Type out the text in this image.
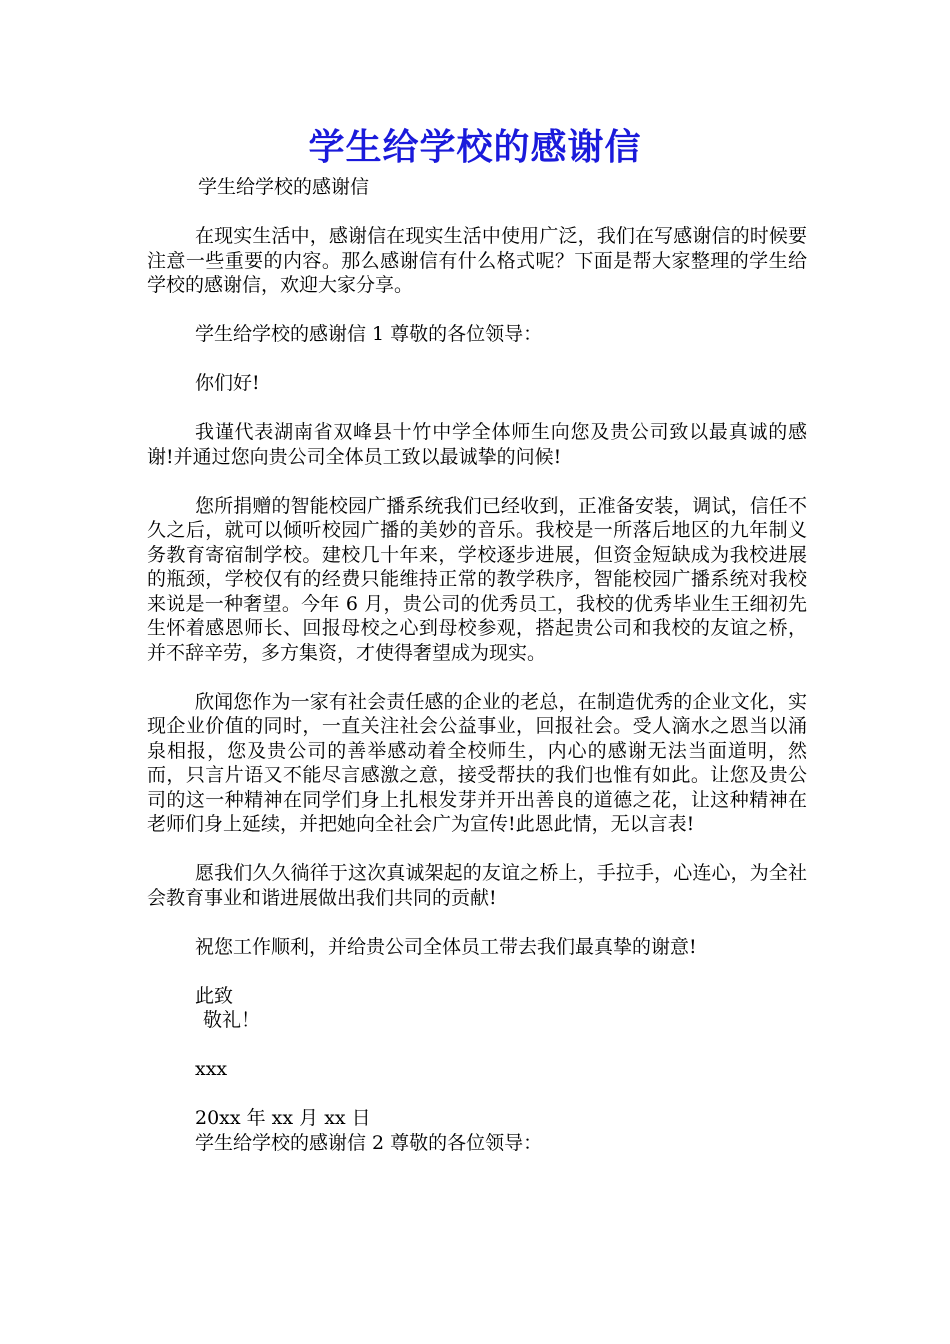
学生给学校的感谢信
学生给学校的感谢信

在现实生活中，感谢信在现实生活中使用广泛，我们在写感谢信的时候要注意一些重要的内容。那么感谢信有什么格式呢？下面是帮大家整理的学生给学校的感谢信，欢迎大家分享。

学生给学校的感谢信 1 尊敬的各位领导：

你们好!

我谨代表湖南省双峰县十竹中学全体师生向您及贵公司致以最真诚的感谢!并通过您向贵公司全体员工致以最诚挚的问候!

您所捐赠的智能校园广播系统我们已经收到，正准备安装，调试，信任不久之后，就可以倾听校园广播的美妙的音乐。我校是一所落后地区的九年制义务教育寄宿制学校。建校几十年来，学校逐步进展，但资金短缺成为我校进展的瓶颈，学校仅有的经费只能维持正常的教学秩序，智能校园广播系统对我校来说是一种奢望。今年 6 月，贵公司的优秀员工，我校的优秀毕业生王细初先生怀着感恩师长、回报母校之心到母校参观，搭起贵公司和我校的友谊之桥，并不辞辛劳，多方集资，才使得奢望成为现实。

欣闻您作为一家有社会责任感的企业的老总，在制造优秀的企业文化，实现企业价值的同时，一直关注社会公益事业，回报社会。受人滴水之恩当以涌泉相报，您及贵公司的善举感动着全校师生，内心的感谢无法当面道明，然而，只言片语又不能尽言感激之意，接受帮扶的我们也惟有如此。让您及贵公司的这一种精神在同学们身上扎根发芽并开出善良的道德之花，让这种精神在老师们身上延续，并把她向全社会广为宣传!此恩此情，无以言表!

愿我们久久徜徉于这次真诚架起的友谊之桥上，手拉手，心连心，为全社会教育事业和谐进展做出我们共同的贡献!

祝您工作顺利，并给贵公司全体员工带去我们最真挚的谢意!

此致

敬礼！

xxx

20xx 年 xx 月 xx 日

学生给学校的感谢信 2 尊敬的各位领导：
